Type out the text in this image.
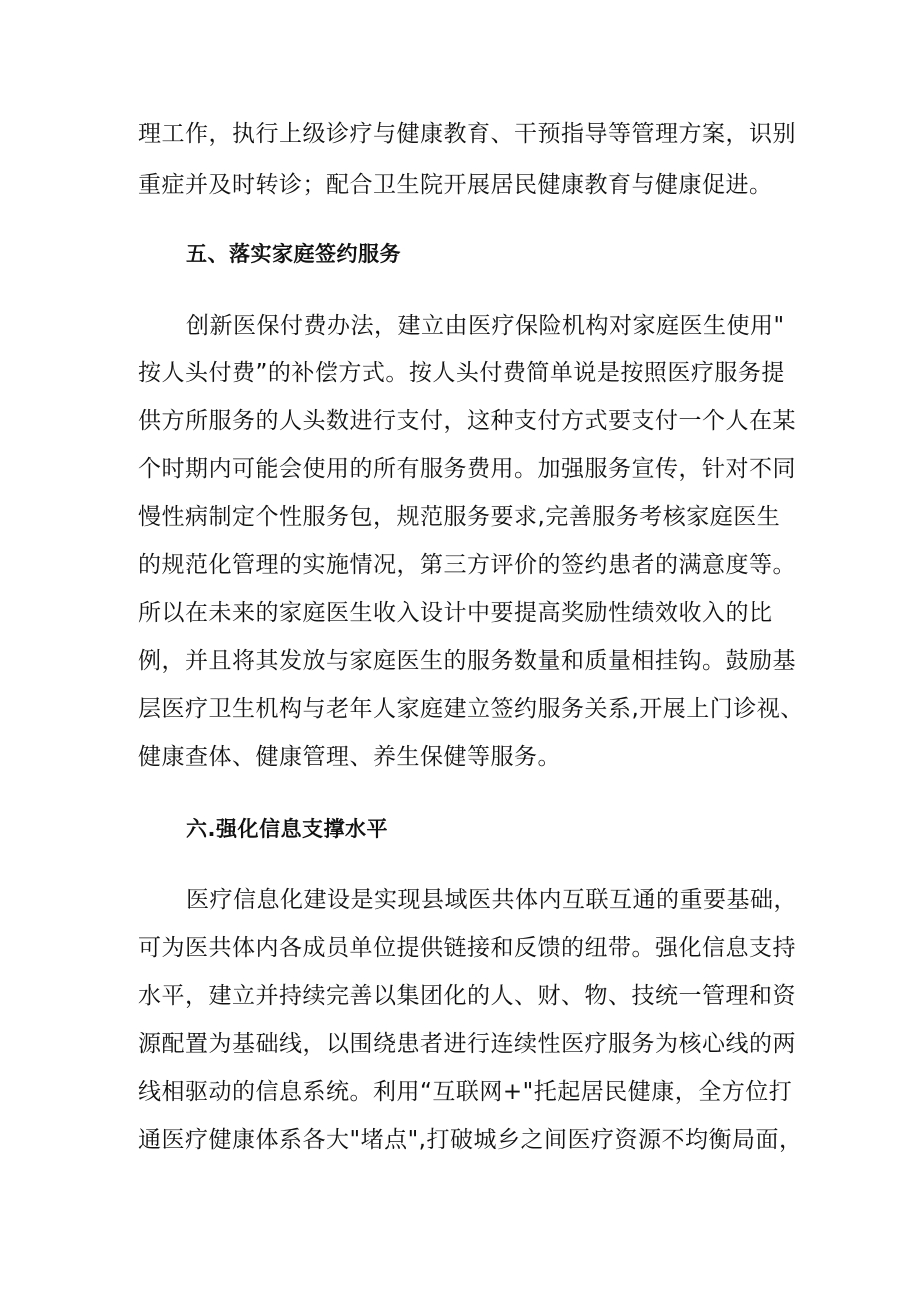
理工作，执行上级诊疗与健康教育、干预指导等管理方案，识别
重症并及时转诊；配合卫生院开展居民健康教育与健康促进。
五、落实家庭签约服务
创新医保付费办法，建立由医疗保险机构对家庭医生使用"
按人头付费”的补偿方式。按人头付费简单说是按照医疗服务提
供方所服务的人头数进行支付，这种支付方式要支付一个人在某
个时期内可能会使用的所有服务费用。加强服务宣传，针对不同
慢性病制定个性服务包，规范服务要求,完善服务考核家庭医生
的规范化管理的实施情况，第三方评价的签约患者的满意度等。
所以在未来的家庭医生收入设计中要提高奖励性绩效收入的比
例，并且将其发放与家庭医生的服务数量和质量相挂钩。鼓励基
层医疗卫生机构与老年人家庭建立签约服务关系,开展上门诊视、
健康查体、健康管理、养生保健等服务。
六.强化信息支撑水平
医疗信息化建设是实现县域医共体内互联互通的重要基础，
可为医共体内各成员单位提供链接和反馈的纽带。强化信息支持
水平，建立并持续完善以集团化的人、财、物、技统一管理和资
源配置为基础线，以围绕患者进行连续性医疗服务为核心线的两
线相驱动的信息系统。利用“互联网+"托起居民健康，全方位打
通医疗健康体系各大"堵点",打破城乡之间医疗资源不均衡局面，
